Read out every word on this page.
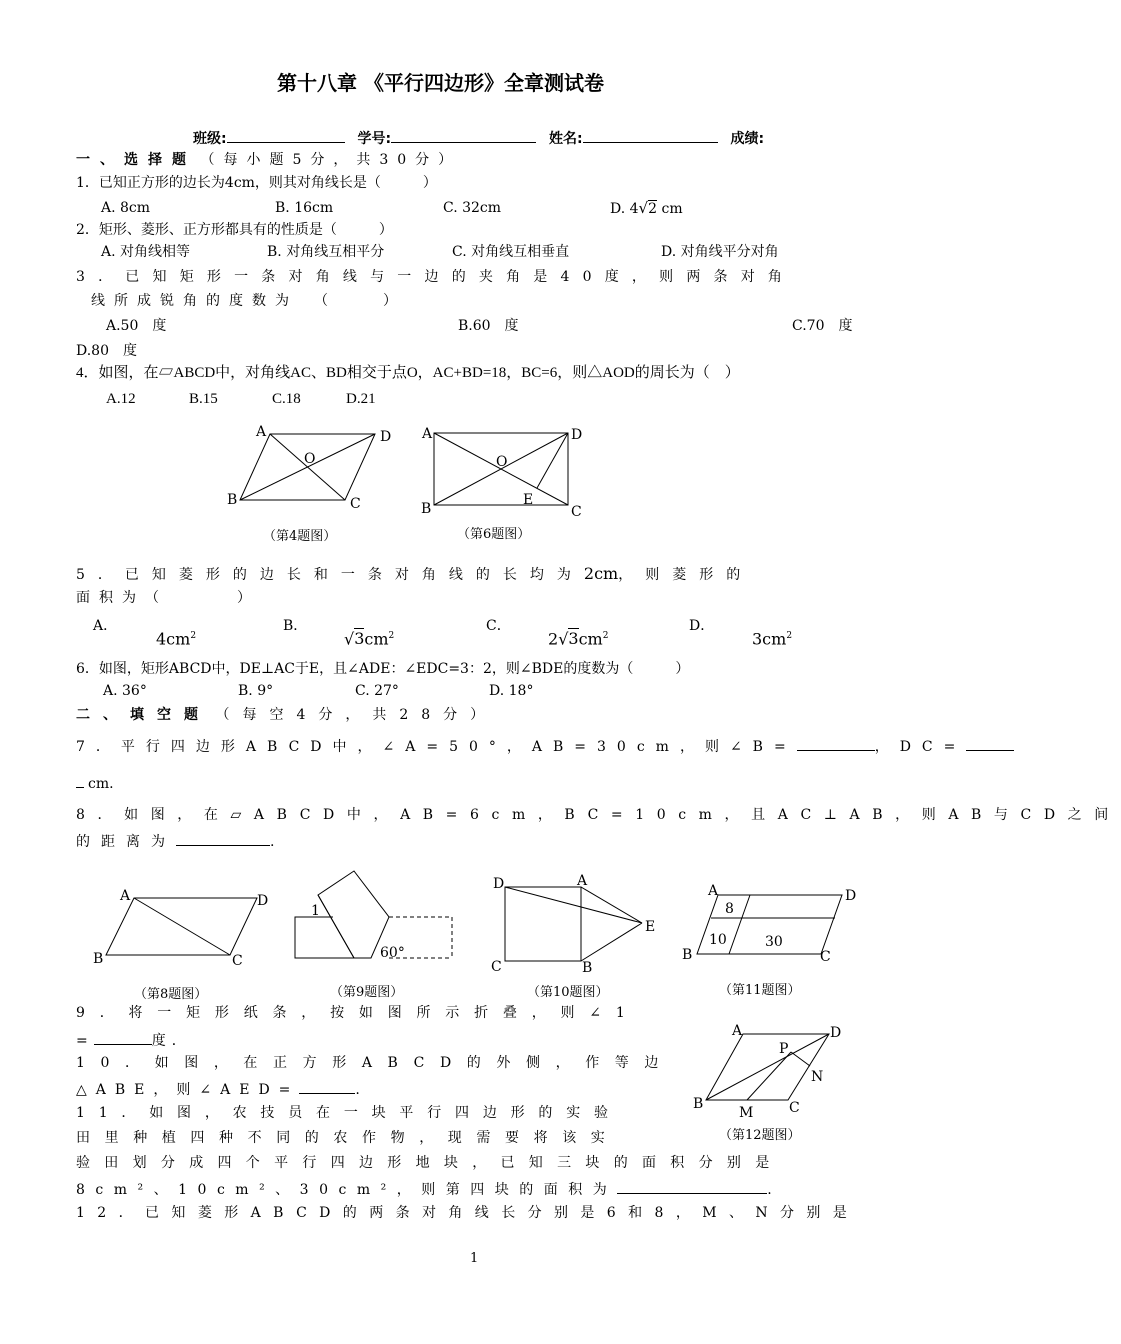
第十八章 《平行四边形》全章测试卷
班级:	学号:	姓名:	成绩:
一、选择题 （每小题5分，共30分）
1．已知正方形的边长为4cm，则其对角线长是（　　　）
A. 8cm	B. 16cm	C. 32cm	D. 4√2 cm
2．矩形、菱形、正方形都具有的性质是（　　　）
A. 对角线相等	B. 对角线互相平分	C. 对角线互相垂直	D. 对角线平分对角
3．已知矩形一条对角线与一边的夹角是40度，则两条对角
线所成锐角的度数为　（　　）
A.50　度	B.60　度	C.70　度
D.80　度
4．如图，在▱ABCD中，对角线AC、BD相交于点O，AC+BD=18，BC=6，则△AOD的周长为（　）
A.12	B.15	C.18	D.21
A	D
B	C
O
（第4题图）
A	D
B	C
O
E
（第6题图）
5．已知菱形的边长和一条对角线的长均为2cm，则菱形的
面积为（　　　）
A．
$4cm^2$
B．
$√3cm^2$
C．
$2√3cm^2$
D．
$3cm^2$
6．如图，矩形ABCD中，DE⊥AC于E，且∠ADE：∠EDC=3：2，则∠BDE的度数为（　　　）
A. 36°	B. 9°	C. 27°	D. 18°
二、填空题 （每空4分，共28分）
7．平行四边形ABCD中，∠A=50°，AB=30cm，则∠B=	，DC=
cm.
8．如图，在▱ABCD中，AB=6cm，BC=10cm，且AC⊥AB，则AB与CD之间
的距离为	.
A	D
B	C
（第8题图）
1
60°
（第9题图）
D	A
E
C	B
（第10题图）
A	D
B	C
8
10	30
（第11题图）
9．将一矩形纸条，按如图所示折叠，则∠1
=	度．
10．如图，在正方形ABCD的外侧，作等边
△ABE，则∠AED=	.
A	D
P
N
B
M	C
（第12题图）
11．如图，农技员在一块平行四边形的实验
田里种植四种不同的农作物，现需要将该实
验田划分成四个平行四边形地块，已知三块的面积分别是
8cm²、10cm²、30cm²，则第四块的面积为	.
12．已知菱形ABCD的两条对角线长分别是6和8，M、N分别是
1
